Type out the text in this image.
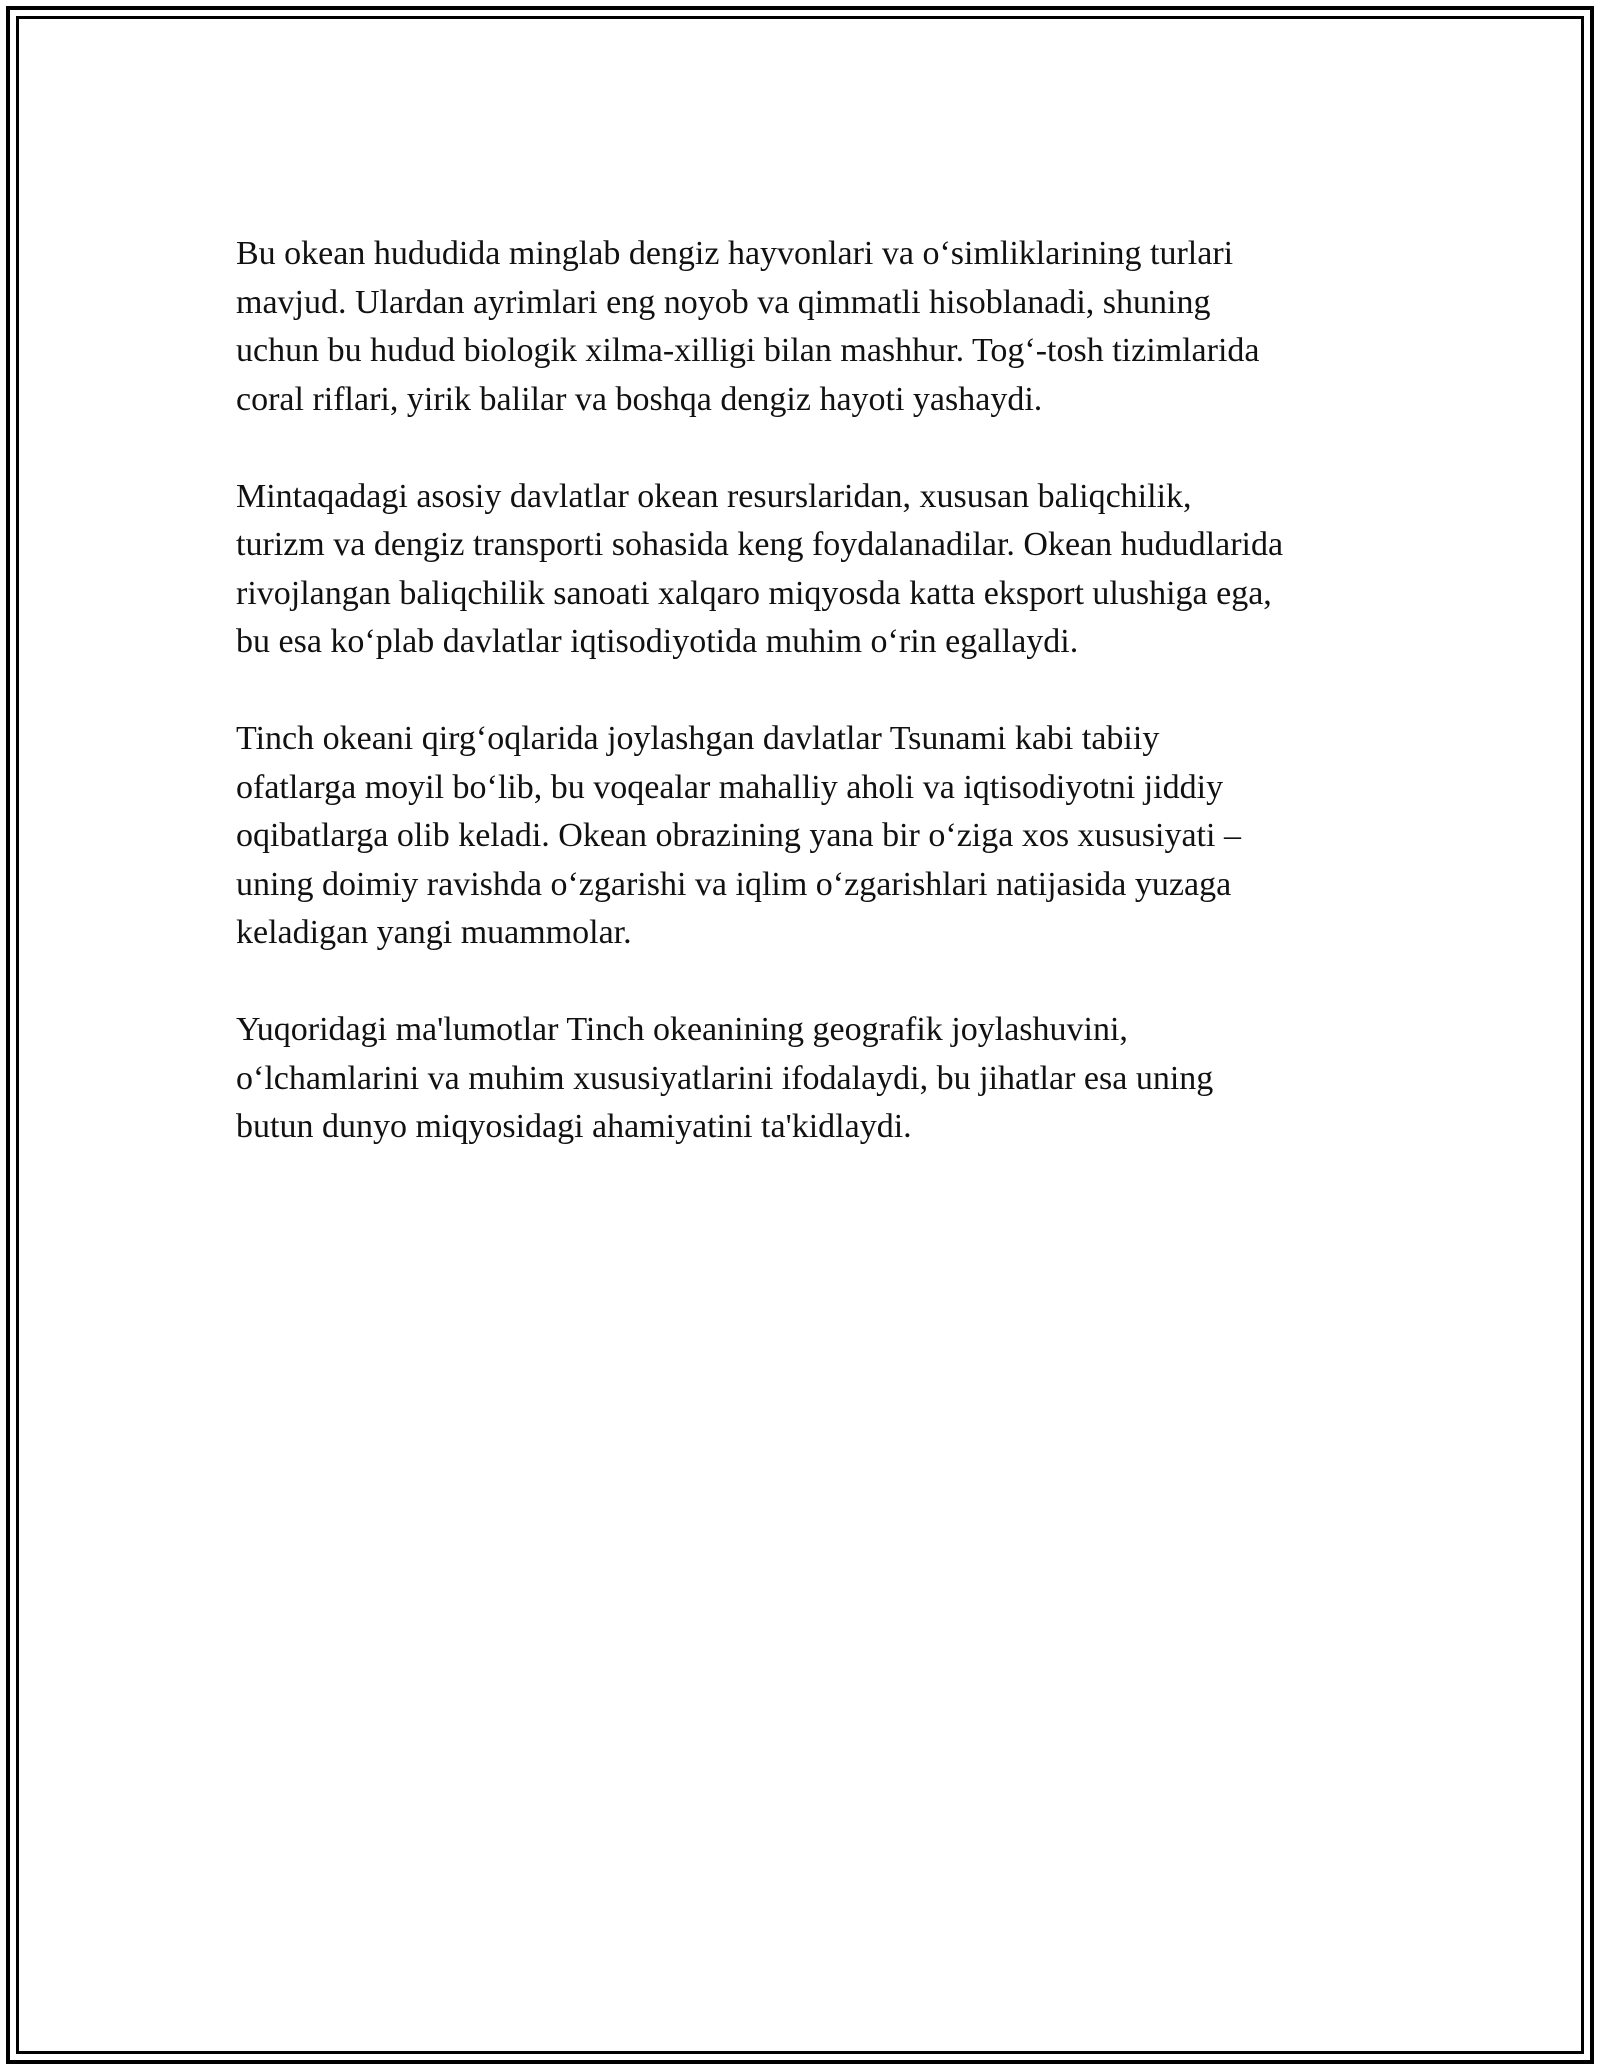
Bu okean hududida minglab dengiz hayvonlari va o‘simliklarining turlari
mavjud. Ulardan ayrimlari eng noyob va qimmatli hisoblanadi, shuning
uchun bu hudud biologik xilma-xilligi bilan mashhur. Tog‘-tosh tizimlarida
coral riflari, yirik balilar va boshqa dengiz hayoti yashaydi.

Mintaqadagi asosiy davlatlar okean resurslaridan, xususan baliqchilik,
turizm va dengiz transporti sohasida keng foydalanadilar. Okean hududlarida
rivojlangan baliqchilik sanoati xalqaro miqyosda katta eksport ulushiga ega,
bu esa ko‘plab davlatlar iqtisodiyotida muhim o‘rin egallaydi.

Tinch okeani qirg‘oqlarida joylashgan davlatlar Tsunami kabi tabiiy
ofatlarga moyil bo‘lib, bu voqealar mahalliy aholi va iqtisodiyotni jiddiy
oqibatlarga olib keladi. Okean obrazining yana bir o‘ziga xos xususiyati –
uning doimiy ravishda o‘zgarishi va iqlim o‘zgarishlari natijasida yuzaga
keladigan yangi muammolar.

Yuqoridagi ma'lumotlar Tinch okeanining geografik joylashuvini,
o‘lchamlarini va muhim xususiyatlarini ifodalaydi, bu jihatlar esa uning
butun dunyo miqyosidagi ahamiyatini ta'kidlaydi.
